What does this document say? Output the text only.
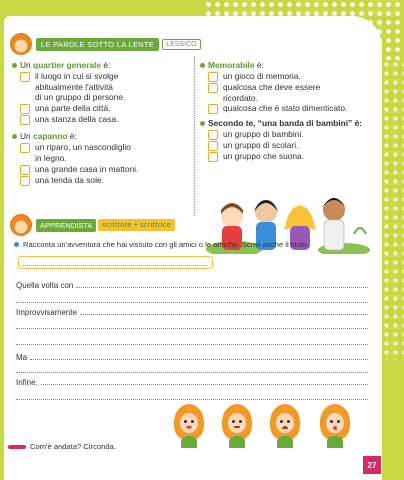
LE PAROLE SOTTO LA LENTE	LESSICO
Un quartier generale è:
il luogo in cui si svolge
abitualmente l'attività
di un gruppo di persone.
una parte della città.
una stanza della casa.
Un capanno è:
un riparo, un nascondiglio
in legno.
una grande casa in mattoni.
una tenda da sole.
Memorabile è:
un gioco di memoria.
qualcosa che deve essere
ricordato.
qualcosa che è stato dimenticato.
Secondo te, “una banda di bambini” è:
un gruppo di bambini.
un gruppo di scolari.
un gruppo che suona.
APPRENDISTA	scrittore • scrittrice
Racconta un'avventura che hai vissuto con gli amici o le amiche. Scrivi anche il titolo.
Quella volta con
Improvvisamente
Ma
Infine,
Com'è andata? Circonda.
27
